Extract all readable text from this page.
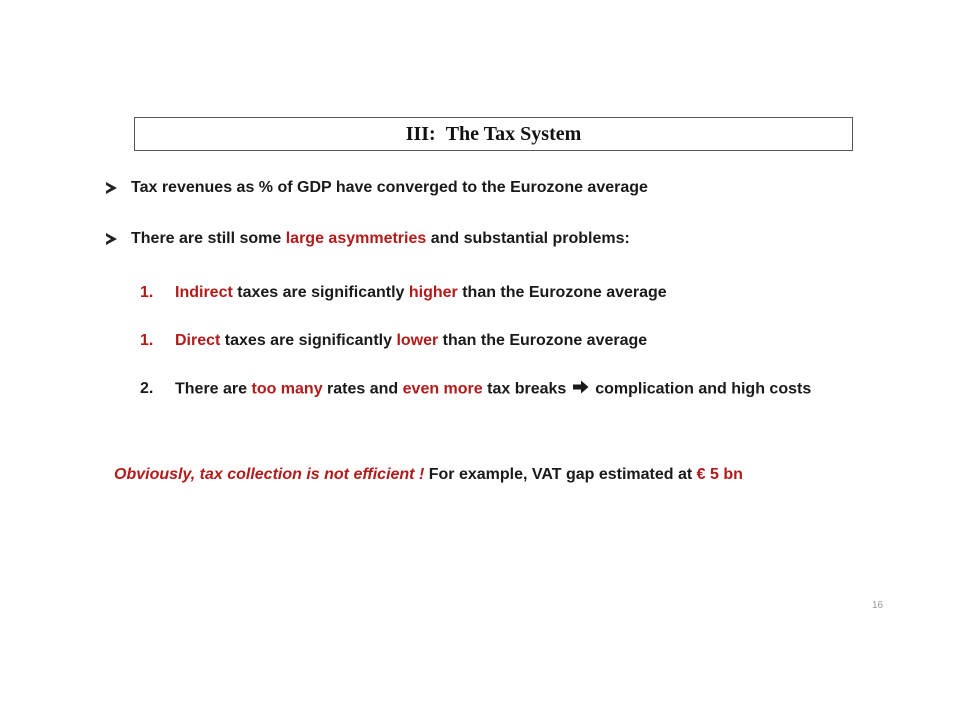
III: The Tax System
Tax revenues as % of GDP have converged to the Eurozone average
There are still some large asymmetries and substantial problems:
1. Indirect taxes are significantly higher than the Eurozone average
1. Direct taxes are significantly lower than the Eurozone average
2. There are too many rates and even more tax breaks  complication and high costs
Obviously, tax collection is not efficient ! For example, VAT gap estimated at € 5 bn
16
